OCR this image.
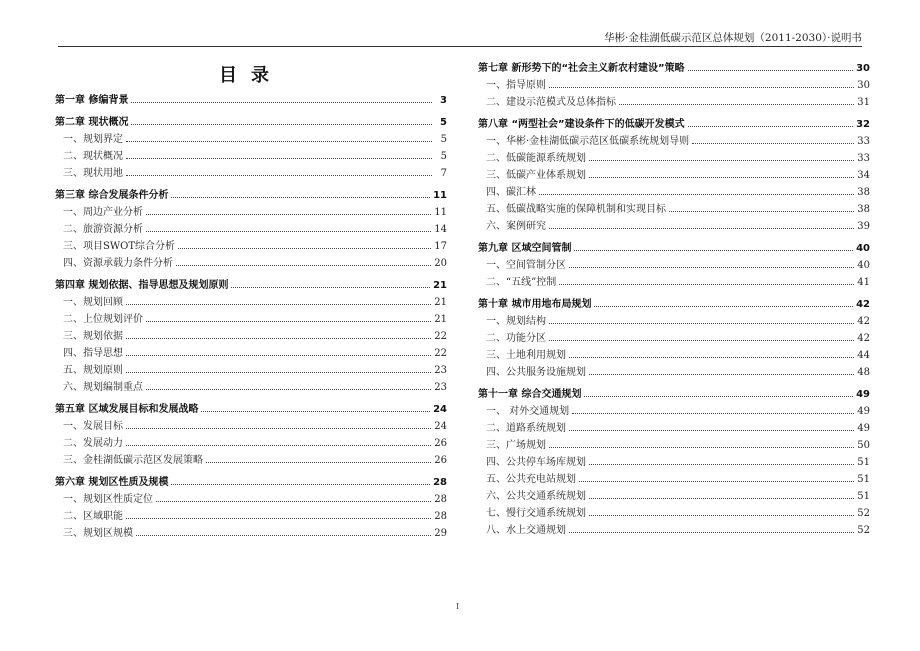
华彬·金桂湖低碳示范区总体规划（2011-2030）·说明书
目录
第一章 修编背景	3
第二章 现状概况	5
一、规划界定	5
二、现状概况	5
三、现状用地	7
第三章 综合发展条件分析	11
一、周边产业分析	11
二、旅游资源分析	14
三、项目SWOT综合分析	17
四、资源承载力条件分析	20
第四章 规划依据、指导思想及规划原则	21
一、规划回顾	21
二、上位规划评价	21
三、规划依据	22
四、指导思想	22
五、规划原则	23
六、规划编制重点	23
第五章 区域发展目标和发展战略	24
一、发展目标	24
二、发展动力	26
三、金桂湖低碳示范区发展策略	26
第六章 规划区性质及规模	28
一、规划区性质定位	28
二、区域职能	28
三、规划区规模	29
第七章 新形势下的“社会主义新农村建设”策略	30
一、指导原则	30
二、建设示范模式及总体指标	31
第八章 “两型社会”建设条件下的低碳开发模式	32
一、华彬·金桂湖低碳示范区低碳系统规划导则	33
二、低碳能源系统规划	33
三、低碳产业体系规划	34
四、碳汇林	38
五、低碳战略实施的保障机制和实现目标	38
六、案例研究	39
第九章 区域空间管制	40
一、空间管制分区	40
二、“五线”控制	41
第十章 城市用地布局规划	42
一、规划结构	42
二、功能分区	42
三、土地利用规划	44
四、公共服务设施规划	48
第十一章 综合交通规划	49
一、 对外交通规划	49
二、道路系统规划	49
三、广场规划	50
四、公共停车场库规划	51
五、公共充电站规划	51
六、公共交通系统规划	51
七、慢行交通系统规划	52
八、水上交通规划	52
I
